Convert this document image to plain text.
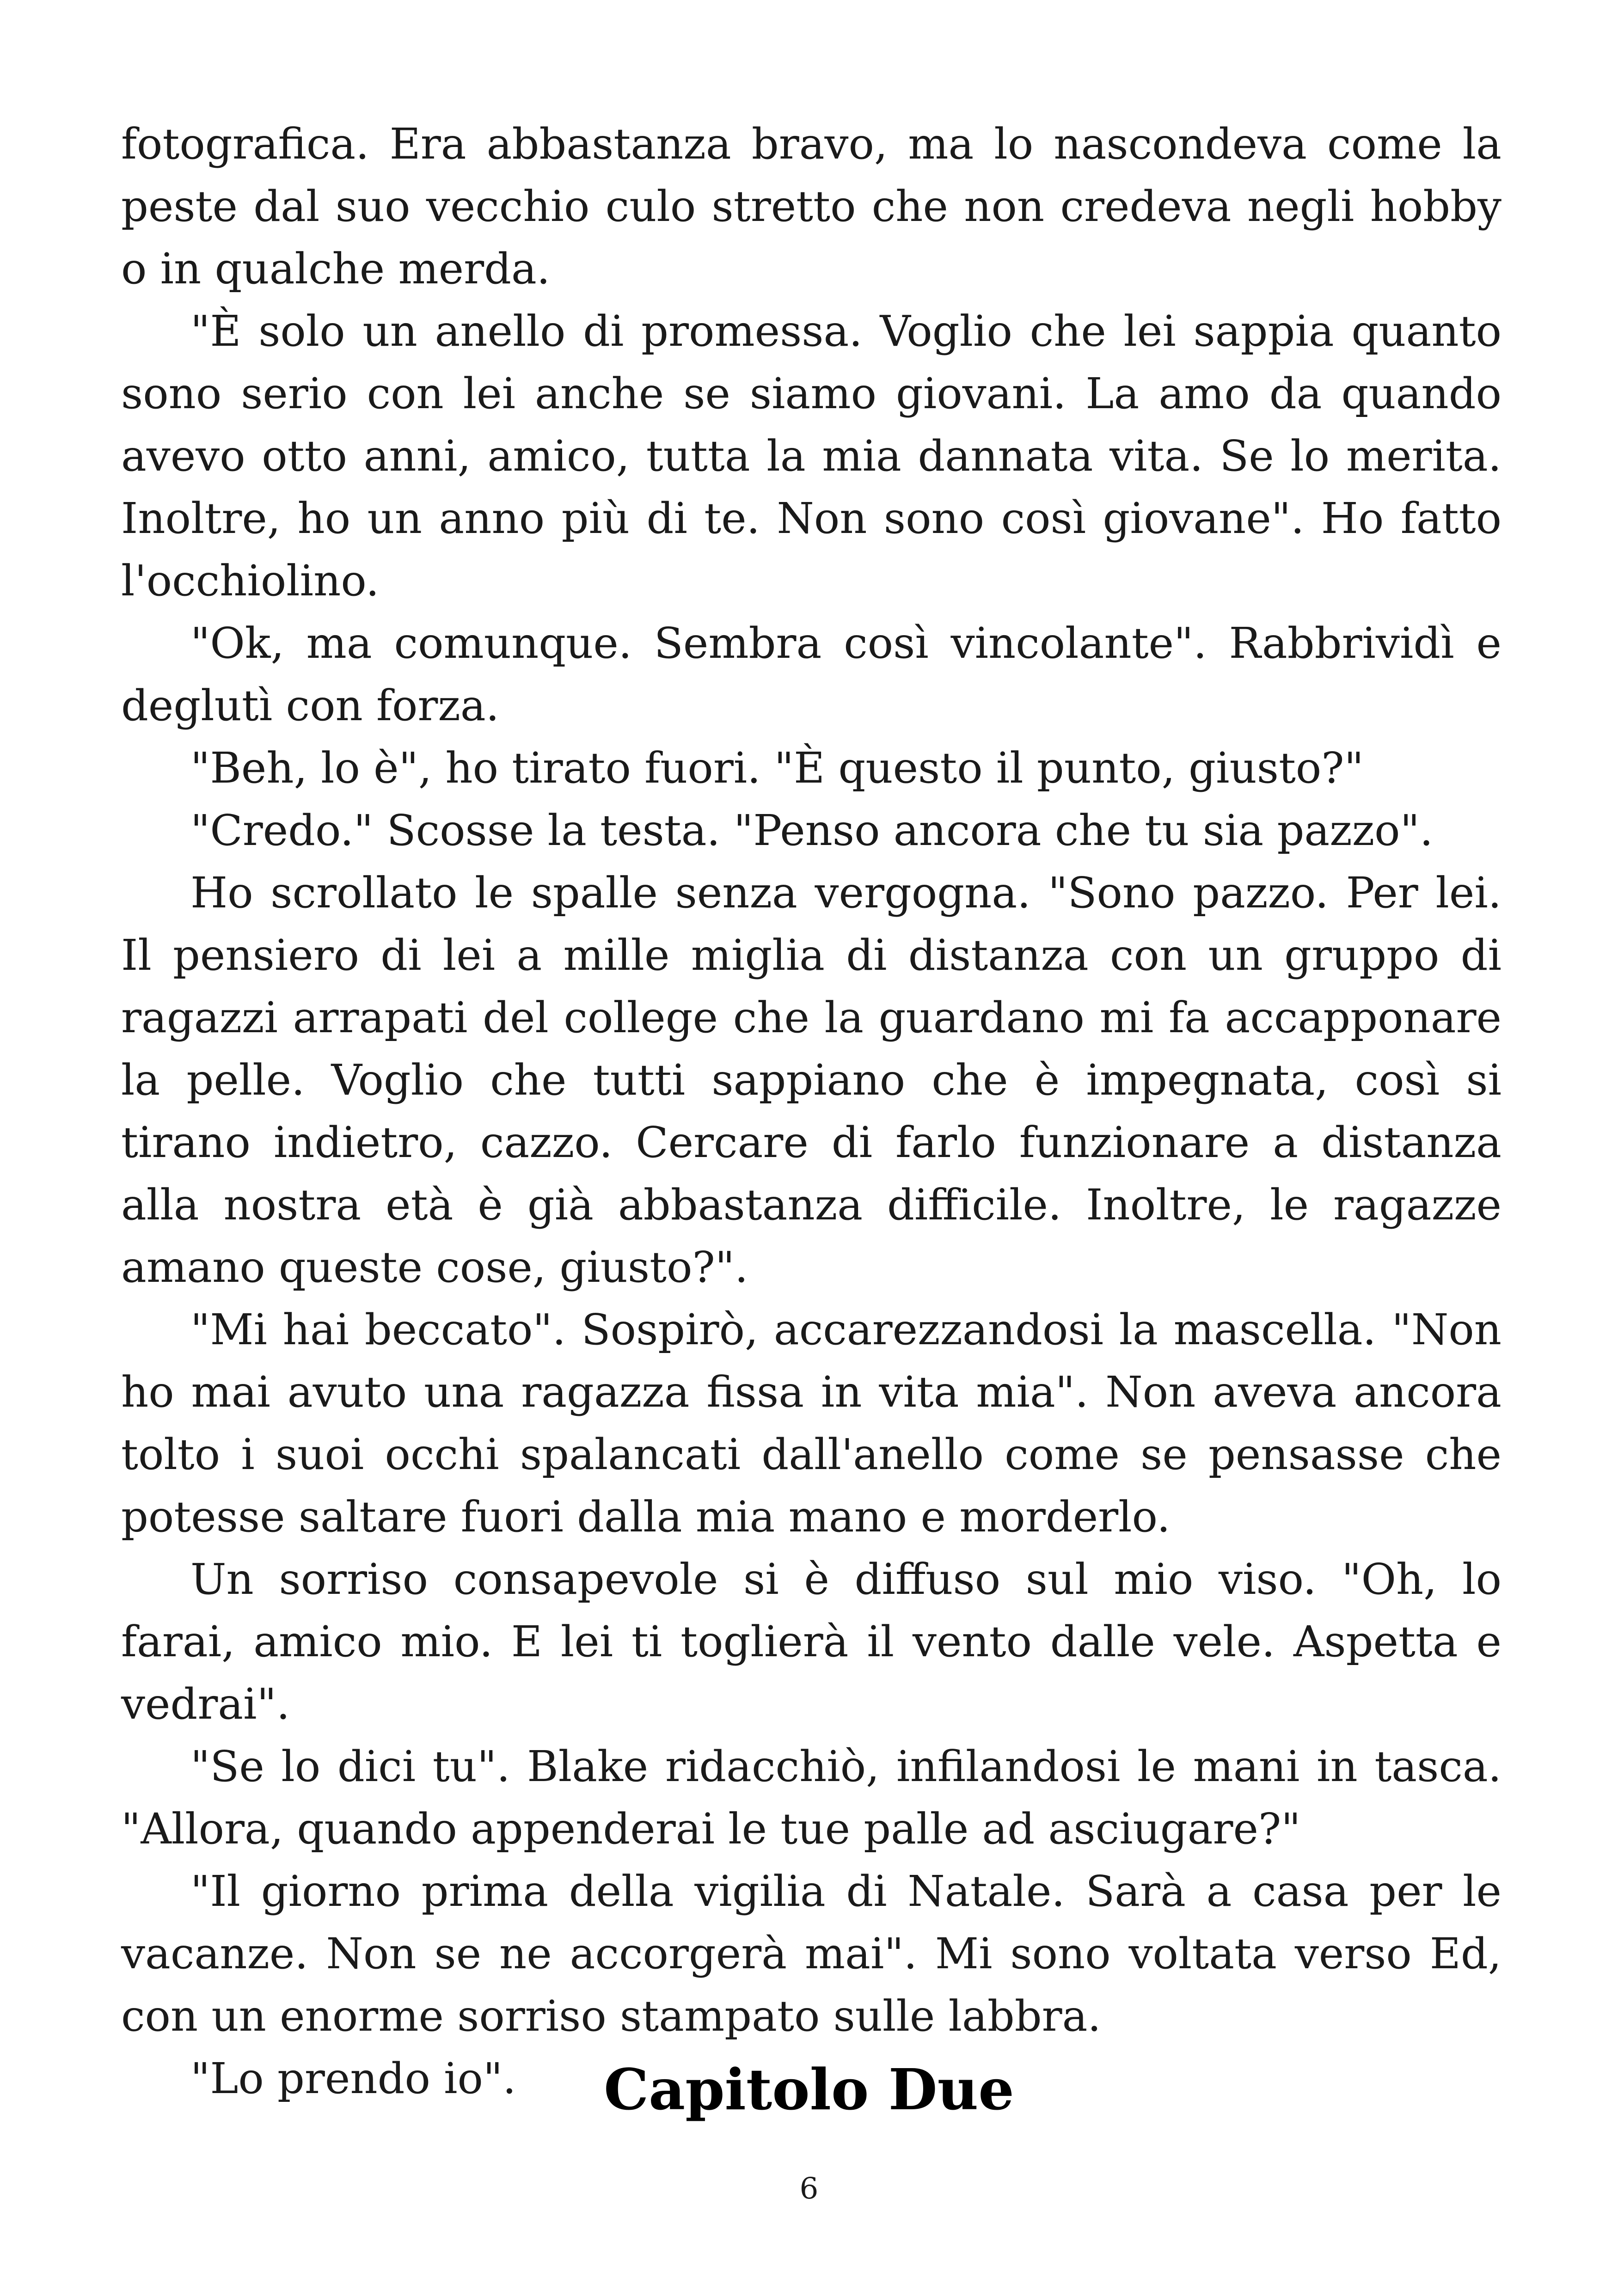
fotografica. Era abbastanza bravo, ma lo nascondeva come la peste dal suo vecchio culo stretto che non credeva negli hobby o in qualche merda.

"È solo un anello di promessa. Voglio che lei sappia quanto sono serio con lei anche se siamo giovani. La amo da quando avevo otto anni, amico, tutta la mia dannata vita. Se lo merita. Inoltre, ho un anno più di te. Non sono così giovane". Ho fatto l'occhiolino.

"Ok, ma comunque. Sembra così vincolante". Rabbrividì e deglutì con forza.

"Beh, lo è", ho tirato fuori. "È questo il punto, giusto?"

"Credo." Scosse la testa. "Penso ancora che tu sia pazzo".

Ho scrollato le spalle senza vergogna. "Sono pazzo. Per lei. Il pensiero di lei a mille miglia di distanza con un gruppo di ragazzi arrapati del college che la guardano mi fa accapponare la pelle. Voglio che tutti sappiano che è impegnata, così si tirano indietro, cazzo. Cercare di farlo funzionare a distanza alla nostra età è già abbastanza difficile. Inoltre, le ragazze amano queste cose, giusto?".

"Mi hai beccato". Sospirò, accarezzandosi la mascella. "Non ho mai avuto una ragazza fissa in vita mia". Non aveva ancora tolto i suoi occhi spalancati dall'anello come se pensasse che potesse saltare fuori dalla mia mano e morderlo.

Un sorriso consapevole si è diffuso sul mio viso. "Oh, lo farai, amico mio. E lei ti toglierà il vento dalle vele. Aspetta e vedrai".

"Se lo dici tu". Blake ridacchiò, infilandosi le mani in tasca. "Allora, quando appenderai le tue palle ad asciugare?"

"Il giorno prima della vigilia di Natale. Sarà a casa per le vacanze. Non se ne accorgerà mai". Mi sono voltata verso Ed, con un enorme sorriso stampato sulle labbra.

"Lo prendo io".	Capitolo Due
6
